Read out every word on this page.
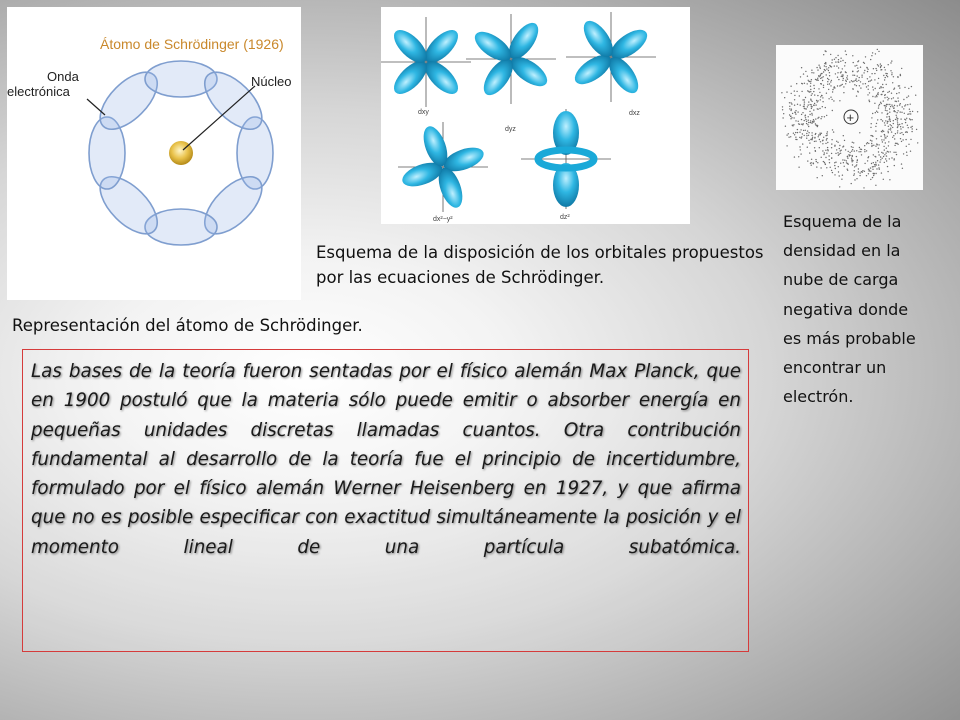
Átomo de Schrödinger (1926)
Núcleo
Onda
electrónica
dxy
dyz
dxz
dx²−y²	dz²
+
Esquema de la disposición de los orbitales propuestos por las ecuaciones de Schrödinger.
Representación del átomo de Schrödinger.
Esquema de la densidad en la nube de carga negativa donde es más probable encontrar un electrón.

Las bases de la teoría fueron sentadas por el físico alemán Max Planck, que en 1900 postuló que la materia sólo puede emitir o absorber energía en pequeñas unidades discretas llamadas cuantos. Otra contribución fundamental al desarrollo de la teoría fue el principio de incertidumbre, formulado por el físico alemán Werner Heisenberg en 1927, y que afirma que no es posible especificar con exactitud simultáneamente la posición y el momento lineal de una partícula subatómica.
